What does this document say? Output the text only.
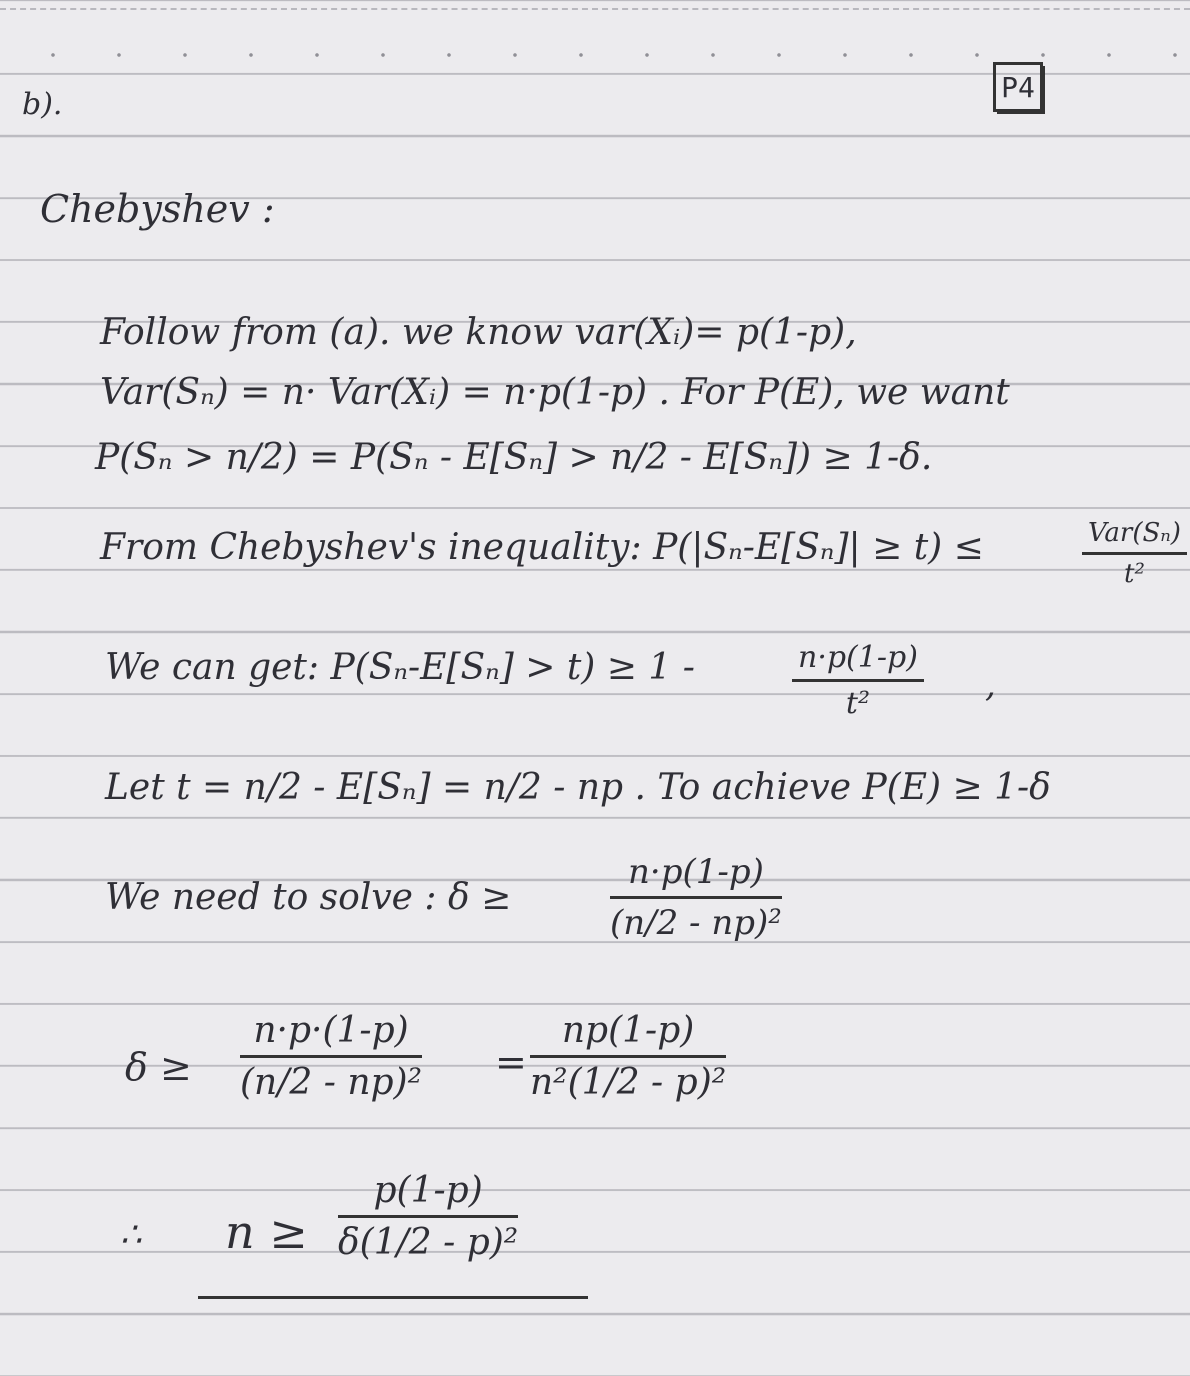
b).	P4
Chebyshev :
Follow from (a). we know var(Xᵢ)= p(1-p),
Var(Sₙ) = n· Var(Xᵢ) = n·p(1-p) . For P(E), we want
P(Sₙ > n/2) = P(Sₙ - E[Sₙ] > n/2 - E[Sₙ]) ≥ 1-δ.
From Chebyshev's inequality: P(|Sₙ-E[Sₙ]| ≥ t) ≤	Var(Sₙ)
t²
We can get: P(Sₙ-E[Sₙ] > t) ≥ 1 -	$\frac{n\cdot p(1-p)}{\text{t²}}$ ,
Let t = n/2 - E[Sₙ] = n/2 - np . To achieve P(E) ≥ 1-δ
We need to solve : δ ≥	$\frac{n\cdot p(1-p)}{\text{(n/2 - np)²}}$
$\delta \ge \frac{n\cdot p\cdot(1-p)}{\text{(n/2 - np)²}} = \frac{np(1-p)}{\text{n²(1/2 - p)²}}$
∴ $n \ge \frac{p(1-p)}{\text{δ(1/2 - p)²}}$
